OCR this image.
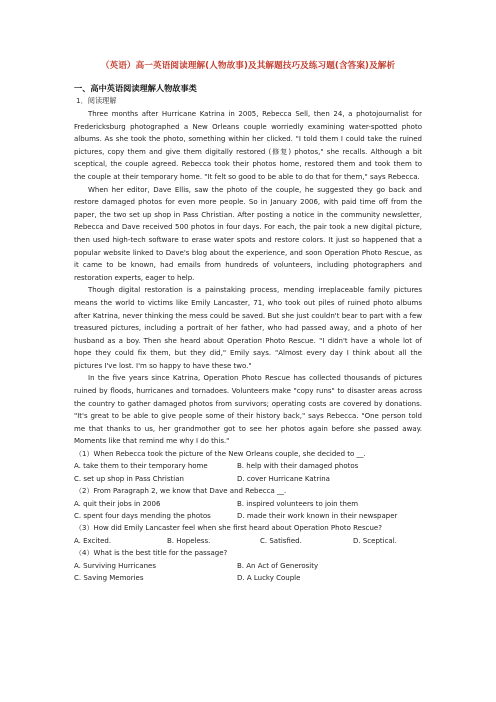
（英语）高一英语阅读理解(人物故事)及其解题技巧及练习题(含答案)及解析
一、高中英语阅读理解人物故事类
1．阅读理解

Three months after Hurricane Katrina in 2005, Rebecca Sell, then 24, a photojournalist for Fredericksburg photographed a New Orleans couple worriedly examining water-spotted photo albums. As she took the photo, something within her clicked. "I told them I could take the ruined pictures, copy them and give them digitally restored (修复) photos," she recalls. Although a bit sceptical, the couple agreed. Rebecca took their photos home, restored them and took them to the couple at their temporary home. "It felt so good to be able to do that for them," says Rebecca.

When her editor, Dave Ellis, saw the photo of the couple, he suggested they go back and restore damaged photos for even more people. So in January 2006, with paid time off from the paper, the two set up shop in Pass Christian. After posting a notice in the community newsletter, Rebecca and Dave received 500 photos in four days. For each, the pair took a new digital picture, then used high-tech software to erase water spots and restore colors. It just so happened that a popular website linked to Dave's blog about the experience, and soon Operation Photo Rescue, as it came to be known, had emails from hundreds of volunteers, including photographers and restoration experts, eager to help.

Though digital restoration is a painstaking process, mending irreplaceable family pictures means the world to victims like Emily Lancaster, 71, who took out piles of ruined photo albums after Katrina, never thinking the mess could be saved. But she just couldn't bear to part with a few treasured pictures, including a portrait of her father, who had passed away, and a photo of her husband as a boy. Then she heard about Operation Photo Rescue. "I didn't have a whole lot of hope they could fix them, but they did," Emily says. "Almost every day I think about all the pictures I've lost. I'm so happy to have these two."

In the five years since Katrina, Operation Photo Rescue has collected thousands of pictures ruined by floods, hurricanes and tornadoes. Volunteers make "copy runs" to disaster areas across the country to gather damaged photos from survivors; operating costs are covered by donations. "It's great to be able to give people some of their history back," says Rebecca. "One person told me that thanks to us, her grandmother got to see her photos again before she passed away. Moments like that remind me why I do this."

（1）When Rebecca took the picture of the New Orleans couple, she decided to __.
A. take them to their temporary home	B. help with their damaged photos
C. set up shop in Pass Christian	D. cover Hurricane Katrina
（2）From Paragraph 2, we know that Dave and Rebecca __.
A. quit their jobs in 2006	B. inspired volunteers to join them
C. spent four days mending the photos	D. made their work known in their newspaper
（3）How did Emily Lancaster feel when she first heard about Operation Photo Rescue?
A. Excited.	B. Hopeless.	C. Satisfied.	D. Sceptical.
（4）What is the best title for the passage?
A. Surviving Hurricanes	B. An Act of Generosity
C. Saving Memories	D. A Lucky Couple
